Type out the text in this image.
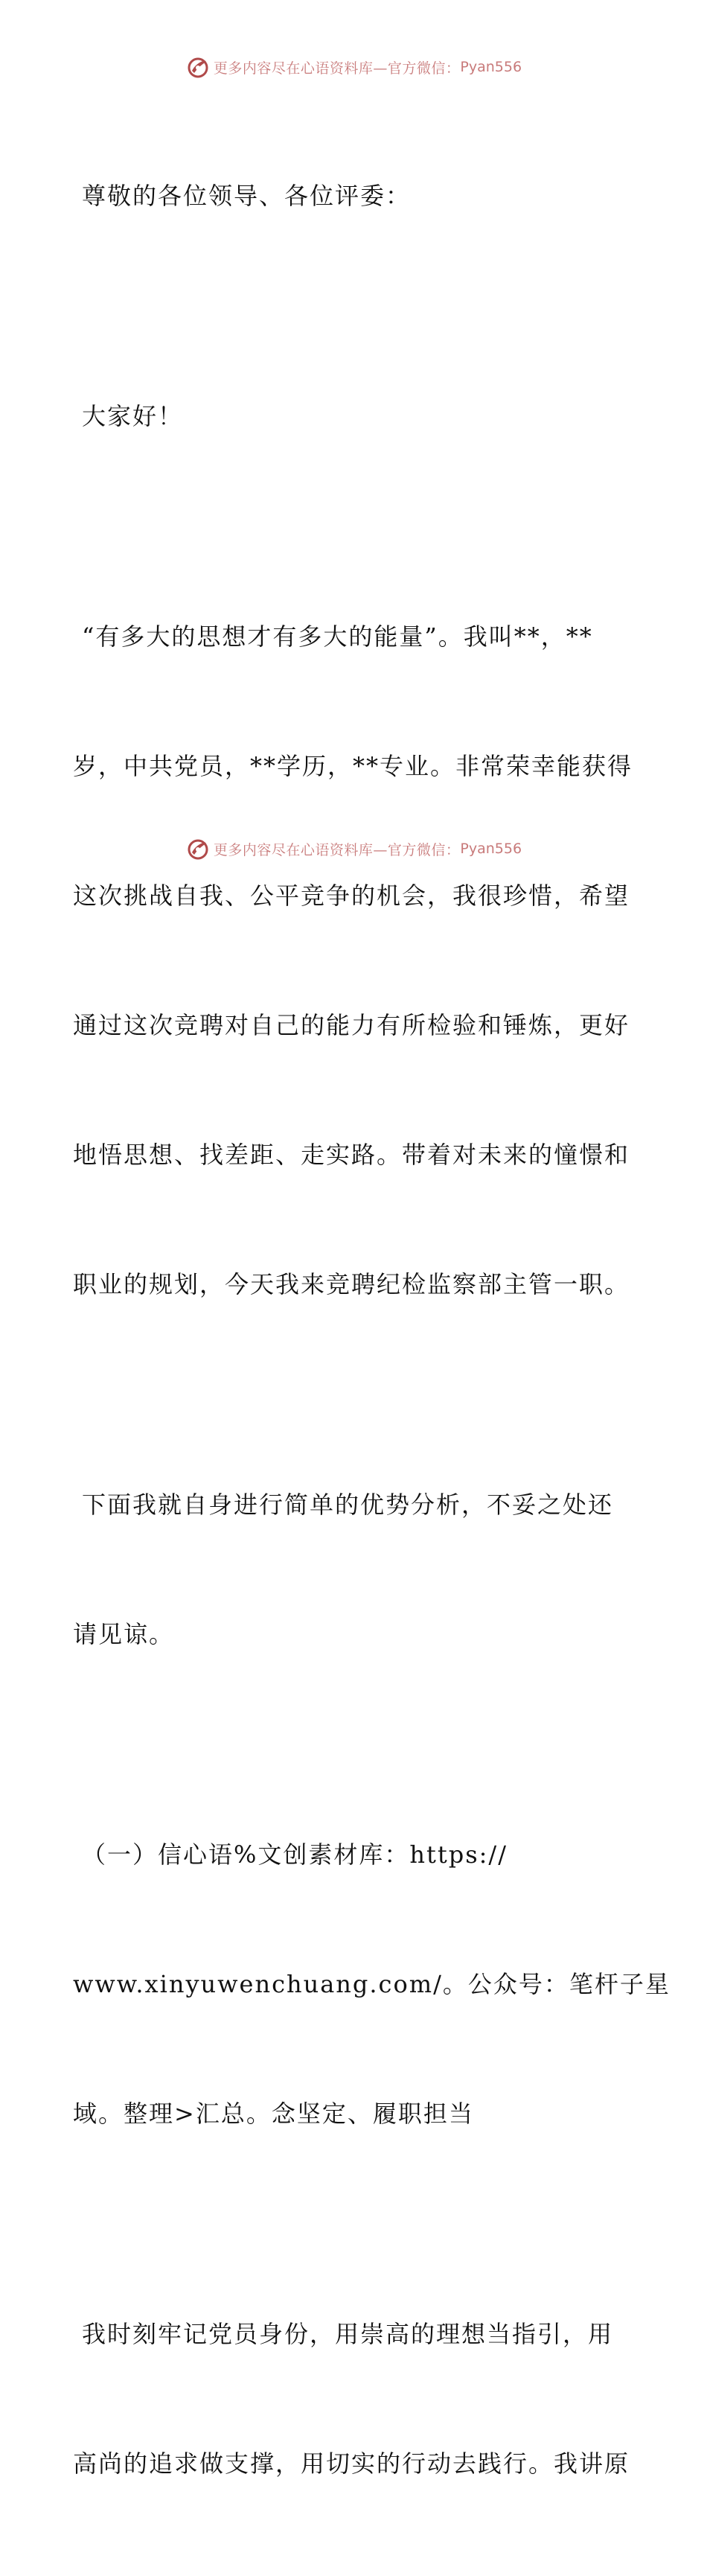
更多内容尽在心语资料库—官方微信： Pyan556

尊敬的各位领导、各位评委：

大家好！

“有多大的思想才有多大的能量”。我叫**，**

岁，中共党员，**学历，**专业。非常荣幸能获得

这次挑战自我、公平竞争的机会，我很珍惜，希望

通过这次竞聘对自己的能力有所检验和锤炼，更好

地悟思想、找差距、走实路。带着对未来的憧憬和

职业的规划，今天我来竞聘纪检监察部主管一职。

下面我就自身进行简单的优势分析，不妥之处还

请见谅。

（一）信心语%文创素材库：https://

www.xinyuwenchuang.com/。公众号：笔杆子星

域。整理>汇总。念坚定、履职担当

我时刻牢记党员身份，用崇高的理想当指引，用

高尚的追求做支撑，用切实的行动去践行。我讲原

更多内容尽在心语资料库—官方微信： Pyan556
